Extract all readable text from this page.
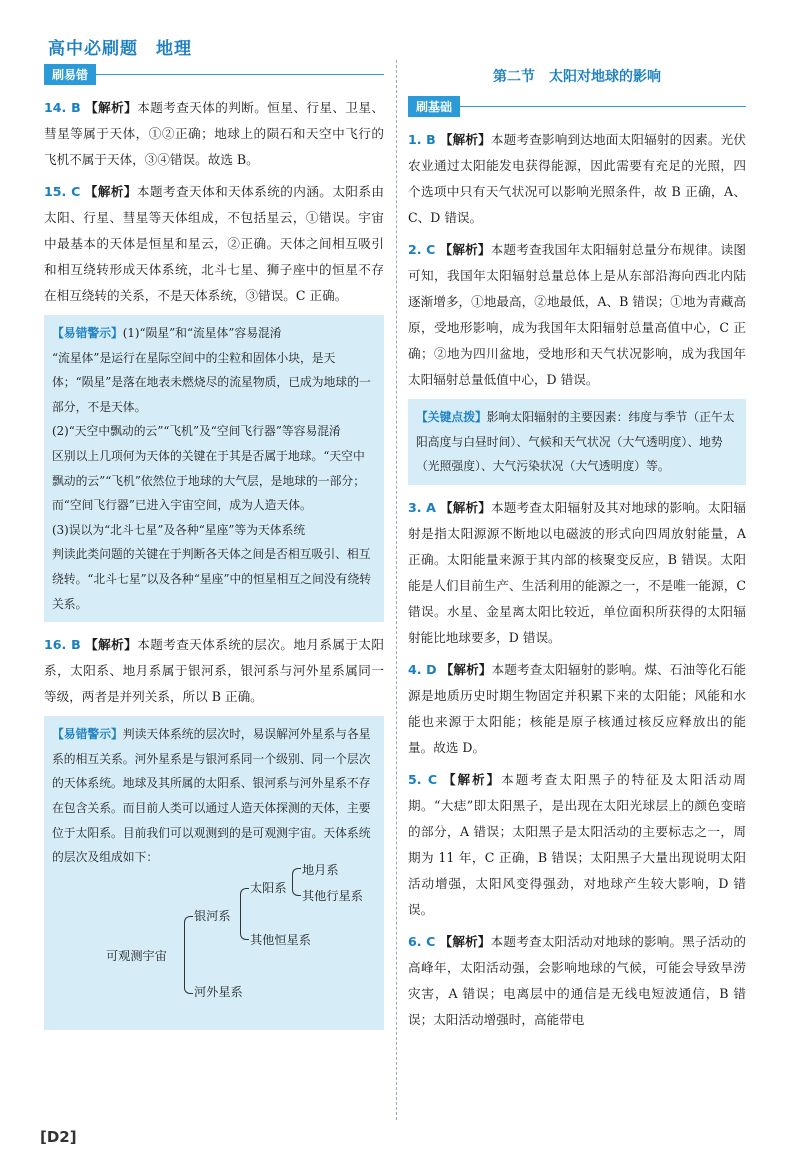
高中必刷题　地理
刷易错
14. B 【解析】本题考查天体的判断。恒星、行星、卫星、彗星等属于天体，①②正确；地球上的陨石和天空中飞行的飞机不属于天体，③④错误。故选 B。
15. C 【解析】本题考查天体和天体系统的内涵。太阳系由太阳、行星、彗星等天体组成，不包括星云，①错误。宇宙中最基本的天体是恒星和星云，②正确。天体之间相互吸引和相互绕转形成天体系统，北斗七星、狮子座中的恒星不存在相互绕转的关系，不是天体系统，③错误。C 正确。
【易错警示】(1)“陨星”和“流星体”容易混淆
“流星体”是运行在星际空间中的尘粒和固体小块，是天体；“陨星”是落在地表未燃烧尽的流星物质，已成为地球的一部分，不是天体。
(2)“天空中飘动的云”“飞机”及“空间飞行器”等容易混淆
区别以上几项何为天体的关键在于其是否属于地球。“天空中飘动的云”“飞机”依然位于地球的大气层，是地球的一部分；而“空间飞行器”已进入宇宙空间，成为人造天体。
(3)误以为“北斗七星”及各种“星座”等为天体系统
判读此类问题的关键在于判断各天体之间是否相互吸引、相互绕转。“北斗七星”以及各种“星座”中的恒星相互之间没有绕转关系。
16. B 【解析】本题考查天体系统的层次。地月系属于太阳系，太阳系、地月系属于银河系，银河系与河外星系属同一等级，两者是并列关系，所以 B 正确。
【易错警示】判读天体系统的层次时，易误解河外星系与各星系的相互关系。河外星系是与银河系同一个级别、同一个层次的天体系统。地球及其所属的太阳系、银河系与河外星系不存在包含关系。而目前人类可以通过人造天体探测的天体，主要位于太阳系。目前我们可以观测到的是可观测宇宙。天体系统的层次及组成如下：
可观测宇宙
银河系
河外星系
太阳系
其他恒星系
地月系
其他行星系
第二节　太阳对地球的影响
刷基础
1. B 【解析】本题考查影响到达地面太阳辐射的因素。光伏农业通过太阳能发电获得能源，因此需要有充足的光照，四个选项中只有天气状况可以影响光照条件，故 B 正确，A、C、D 错误。
2. C 【解析】本题考查我国年太阳辐射总量分布规律。读图可知，我国年太阳辐射总量总体上是从东部沿海向西北内陆逐渐增多，①地最高，②地最低，A、B 错误；①地为青藏高原，受地形影响，成为我国年太阳辐射总量高值中心，C 正确；②地为四川盆地，受地形和天气状况影响，成为我国年太阳辐射总量低值中心，D 错误。
【关键点拨】影响太阳辐射的主要因素：纬度与季节（正午太阳高度与白昼时间）、气候和天气状况（大气透明度）、地势（光照强度）、大气污染状况（大气透明度）等。
3. A 【解析】本题考查太阳辐射及其对地球的影响。太阳辐射是指太阳源源不断地以电磁波的形式向四周放射能量，A 正确。太阳能量来源于其内部的核聚变反应，B 错误。太阳能是人们目前生产、生活利用的能源之一，不是唯一能源，C 错误。水星、金星离太阳比较近，单位面积所获得的太阳辐射能比地球要多，D 错误。
4. D 【解析】本题考查太阳辐射的影响。煤、石油等化石能源是地质历史时期生物固定并积累下来的太阳能；风能和水能也来源于太阳能；核能是原子核通过核反应释放出的能量。故选 D。
5. C 【解析】本题考查太阳黑子的特征及太阳活动周期。“大痣”即太阳黑子，是出现在太阳光球层上的颜色变暗的部分，A 错误；太阳黑子是太阳活动的主要标志之一，周期为 11 年，C 正确，B 错误；太阳黑子大量出现说明太阳活动增强，太阳风变得强劲，对地球产生较大影响，D 错误。
6. C 【解析】本题考查太阳活动对地球的影响。黑子活动的高峰年，太阳活动强，会影响地球的气候，可能会导致旱涝灾害，A 错误；电离层中的通信是无线电短波通信，B 错误；太阳活动增强时，高能带电
[D2]
